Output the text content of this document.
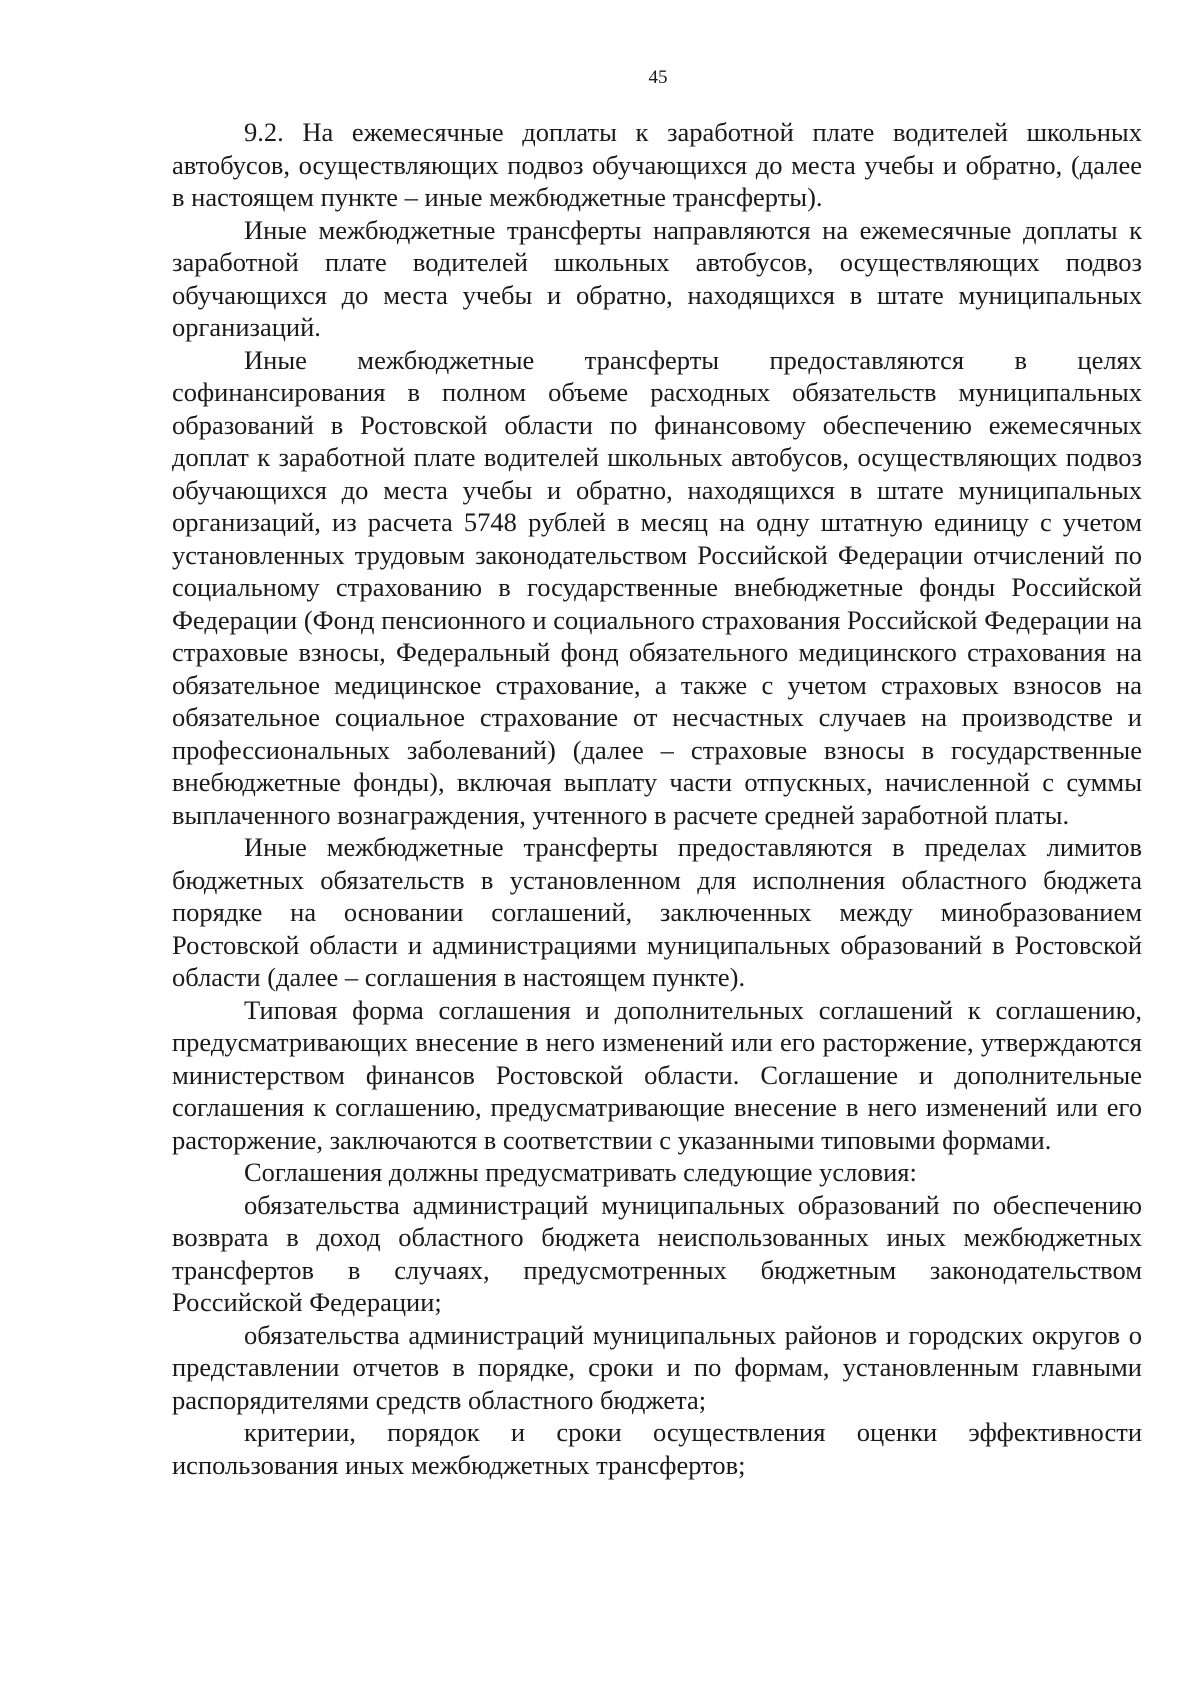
45

9.2. На ежемесячные доплаты к заработной плате водителей школьных автобусов, осуществляющих подвоз обучающихся до места учебы и обратно, (далее в настоящем пункте – иные межбюджетные трансферты).

Иные межбюджетные трансферты направляются на ежемесячные доплаты к заработной плате водителей школьных автобусов, осуществляющих подвоз обучающихся до места учебы и обратно, находящихся в штате муниципальных организаций.

Иные межбюджетные трансферты предоставляются в целях софинансирования в полном объеме расходных обязательств муниципальных образований в Ростовской области по финансовому обеспечению ежемесячных доплат к заработной плате водителей школьных автобусов, осуществляющих подвоз обучающихся до места учебы и обратно, находящихся в штате муниципальных организаций, из расчета 5748 рублей в месяц на одну штатную единицу с учетом установленных трудовым законодательством Российской Федерации отчислений по социальному страхованию в государственные внебюджетные фонды Российской Федерации (Фонд пенсионного и социального страхования Российской Федерации на страховые взносы, Федеральный фонд обязательного медицинского страхования на обязательное медицинское страхование, а также с учетом страховых взносов на обязательное социальное страхование от несчастных случаев на производстве и профессиональных заболеваний) (далее – страховые взносы в государственные внебюджетные фонды), включая выплату части отпускных, начисленной с суммы выплаченного вознаграждения, учтенного в расчете средней заработной платы.

Иные межбюджетные трансферты предоставляются в пределах лимитов бюджетных обязательств в установленном для исполнения областного бюджета порядке на основании соглашений, заключенных между минобразованием Ростовской области и администрациями муниципальных образований в Ростовской области (далее – соглашения в настоящем пункте).

Типовая форма соглашения и дополнительных соглашений к соглашению, предусматривающих внесение в него изменений или его расторжение, утверждаются министерством финансов Ростовской области. Соглашение и дополнительные соглашения к соглашению, предусматривающие внесение в него изменений или его расторжение, заключаются в соответствии с указанными типовыми формами.

Соглашения должны предусматривать следующие условия:

обязательства администраций муниципальных образований по обеспечению возврата в доход областного бюджета неиспользованных иных межбюджетных трансфертов в случаях, предусмотренных бюджетным законодательством Российской Федерации;

обязательства администраций муниципальных районов и городских округов о представлении отчетов в порядке, сроки и по формам, установленным главными распорядителями средств областного бюджета;

критерии, порядок и сроки осуществления оценки эффективности использования иных межбюджетных трансфертов;
